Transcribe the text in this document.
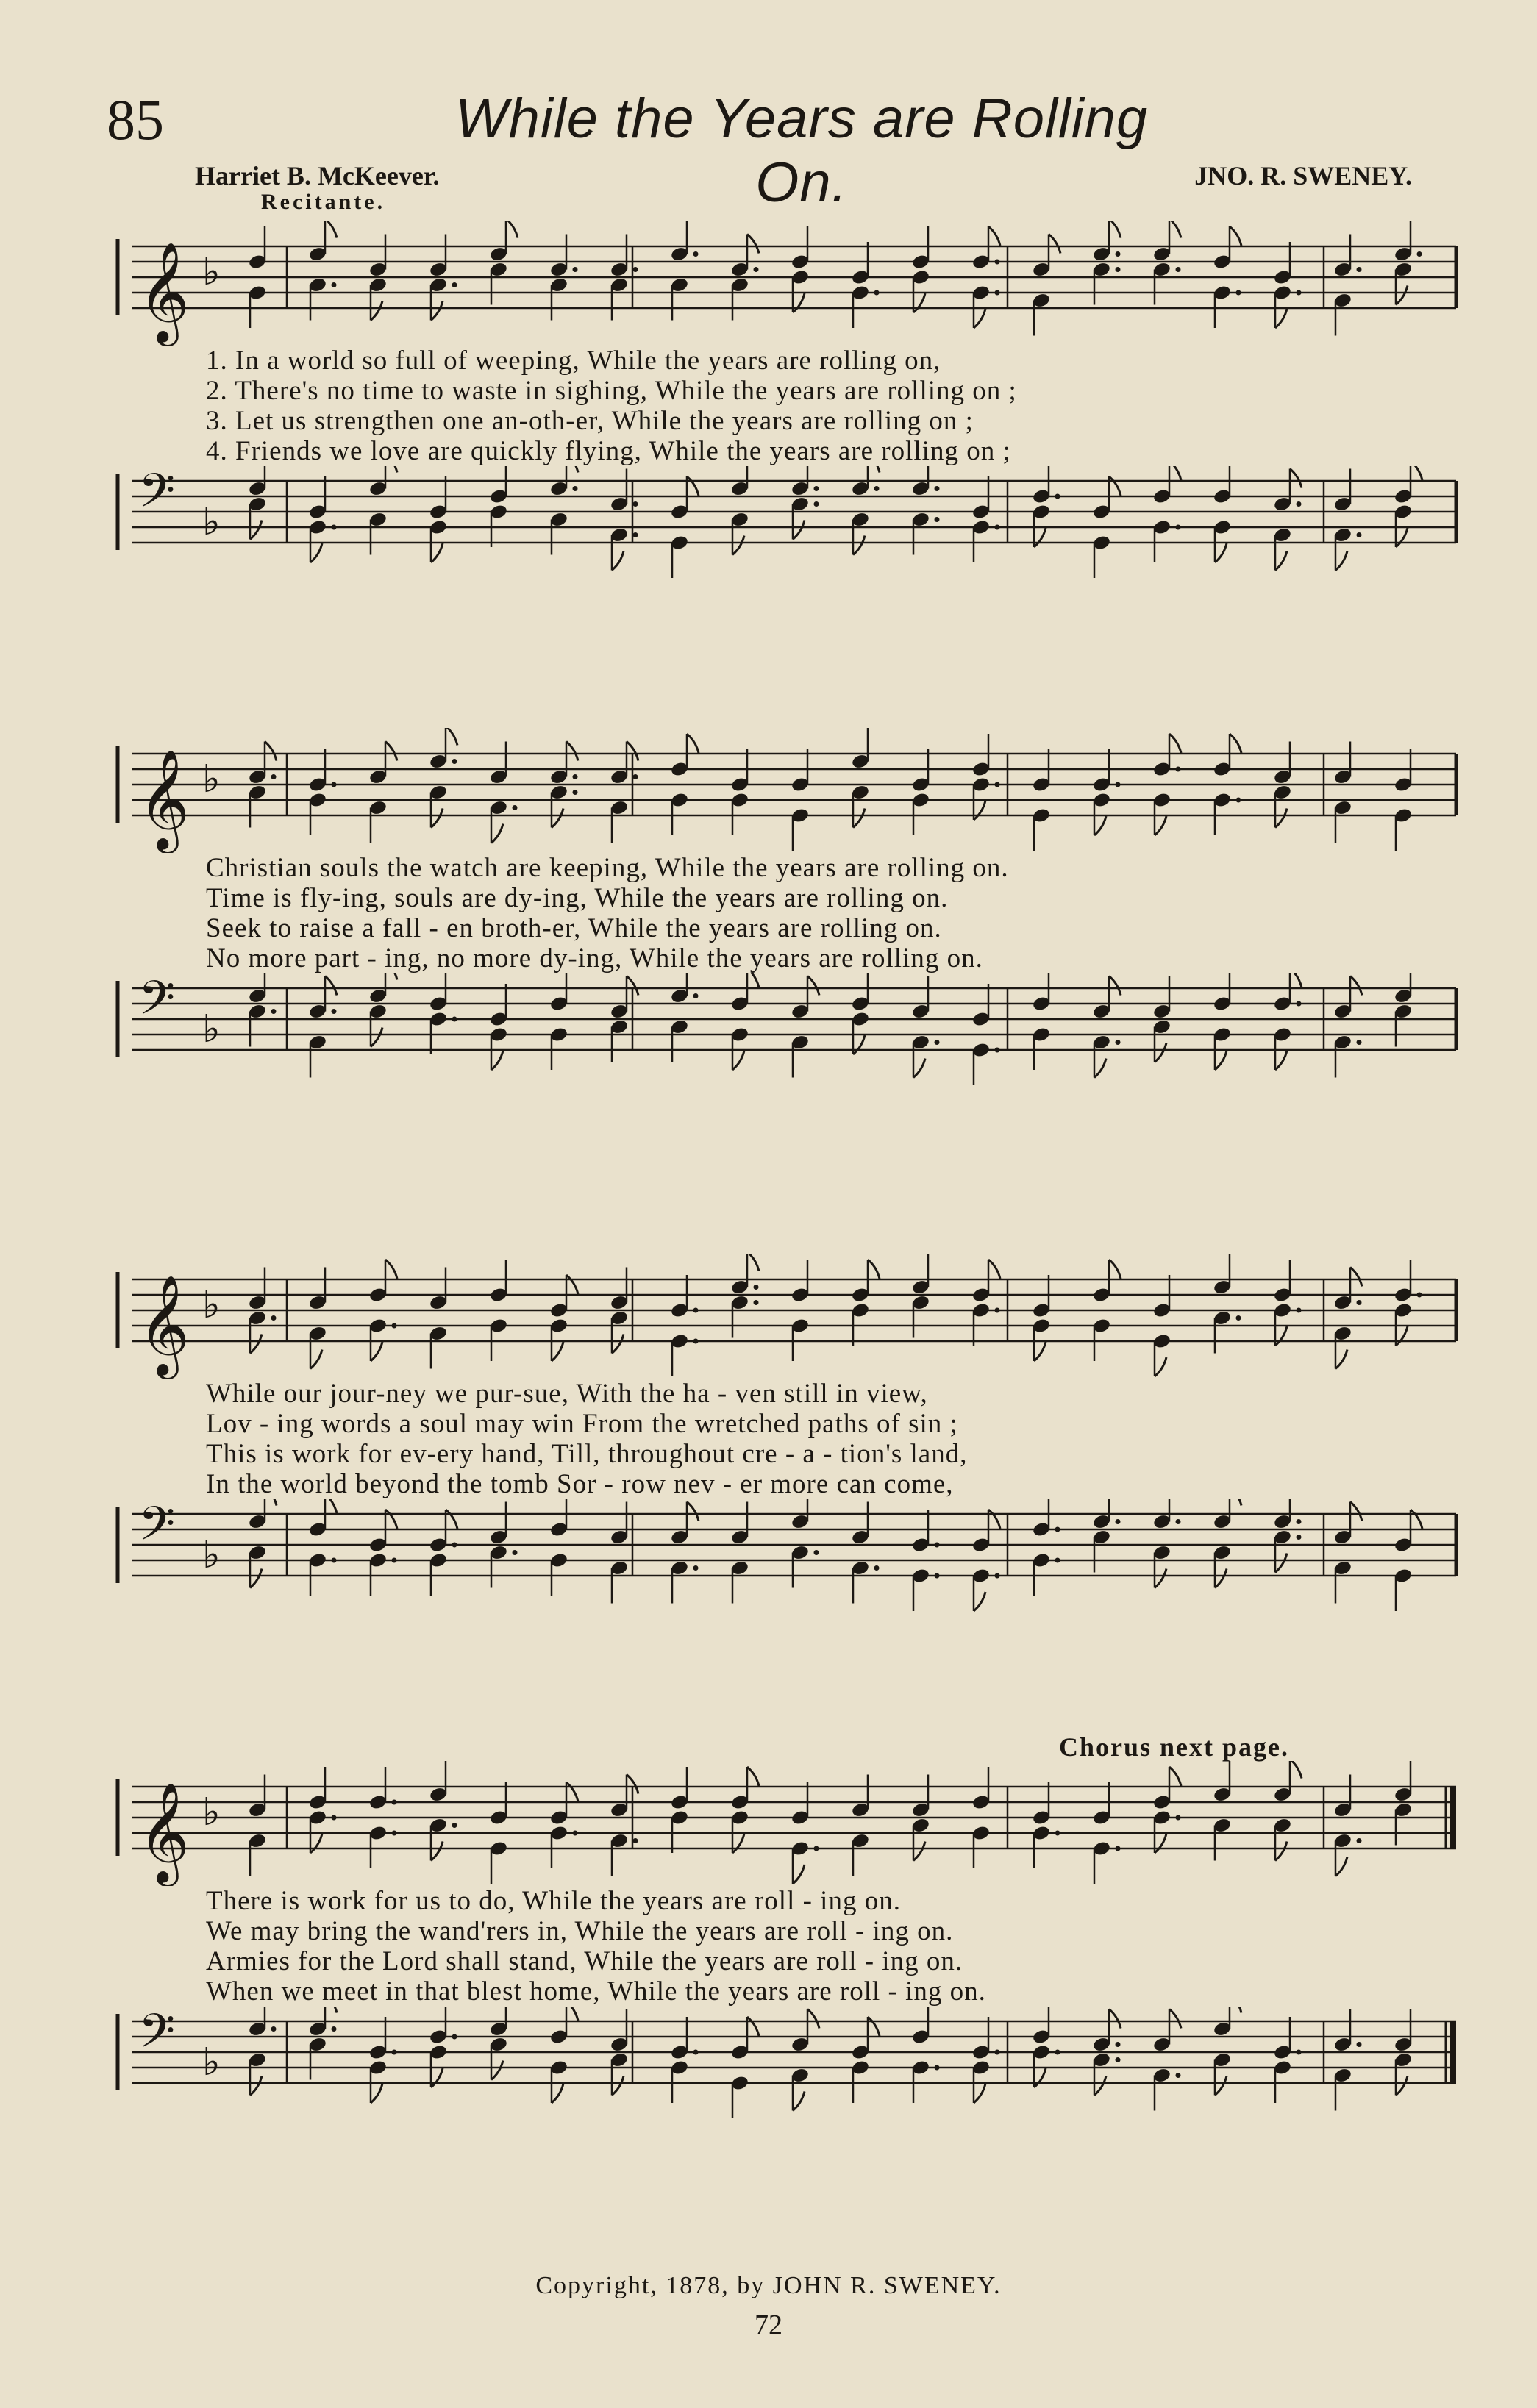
85	While the Years are Rolling On.
Harriet B. McKeever.	JNO. R. SWENEY.
Recitante.
𝄞 ♭
1. In a world so full of weeping, While the years are rolling on,
2. There's no time to waste in sighing, While the years are rolling on ;
3. Let us strengthen one an-oth-er, While the years are rolling on ;
4. Friends we love are quickly flying, While the years are rolling on ;
𝄢 ♭
𝄞 ♭
Christian souls the watch are keeping, While the years are rolling on.
Time is fly-ing, souls are dy-ing, While the years are rolling on.
Seek to raise a fall - en broth-er, While the years are rolling on.
No more part - ing, no more dy-ing, While the years are rolling on.
𝄢 ♭
𝄞 ♭
While our jour-ney we pur-sue, With the ha - ven still in view,
Lov - ing words a soul may win From the wretched paths of sin ;
This is work for ev-ery hand, Till, throughout cre - a - tion's land,
In the world beyond the tomb Sor - row nev - er more can come,
𝄢 ♭
Chorus next page.
𝄞 ♭
There is work for us to do, While the years are roll - ing on.
We may bring the wand'rers in, While the years are roll - ing on.
Armies for the Lord shall stand, While the years are roll - ing on.
When we meet in that blest home, While the years are roll - ing on.
𝄢 ♭
Copyright, 1878, by JOHN R. SWENEY.
72
